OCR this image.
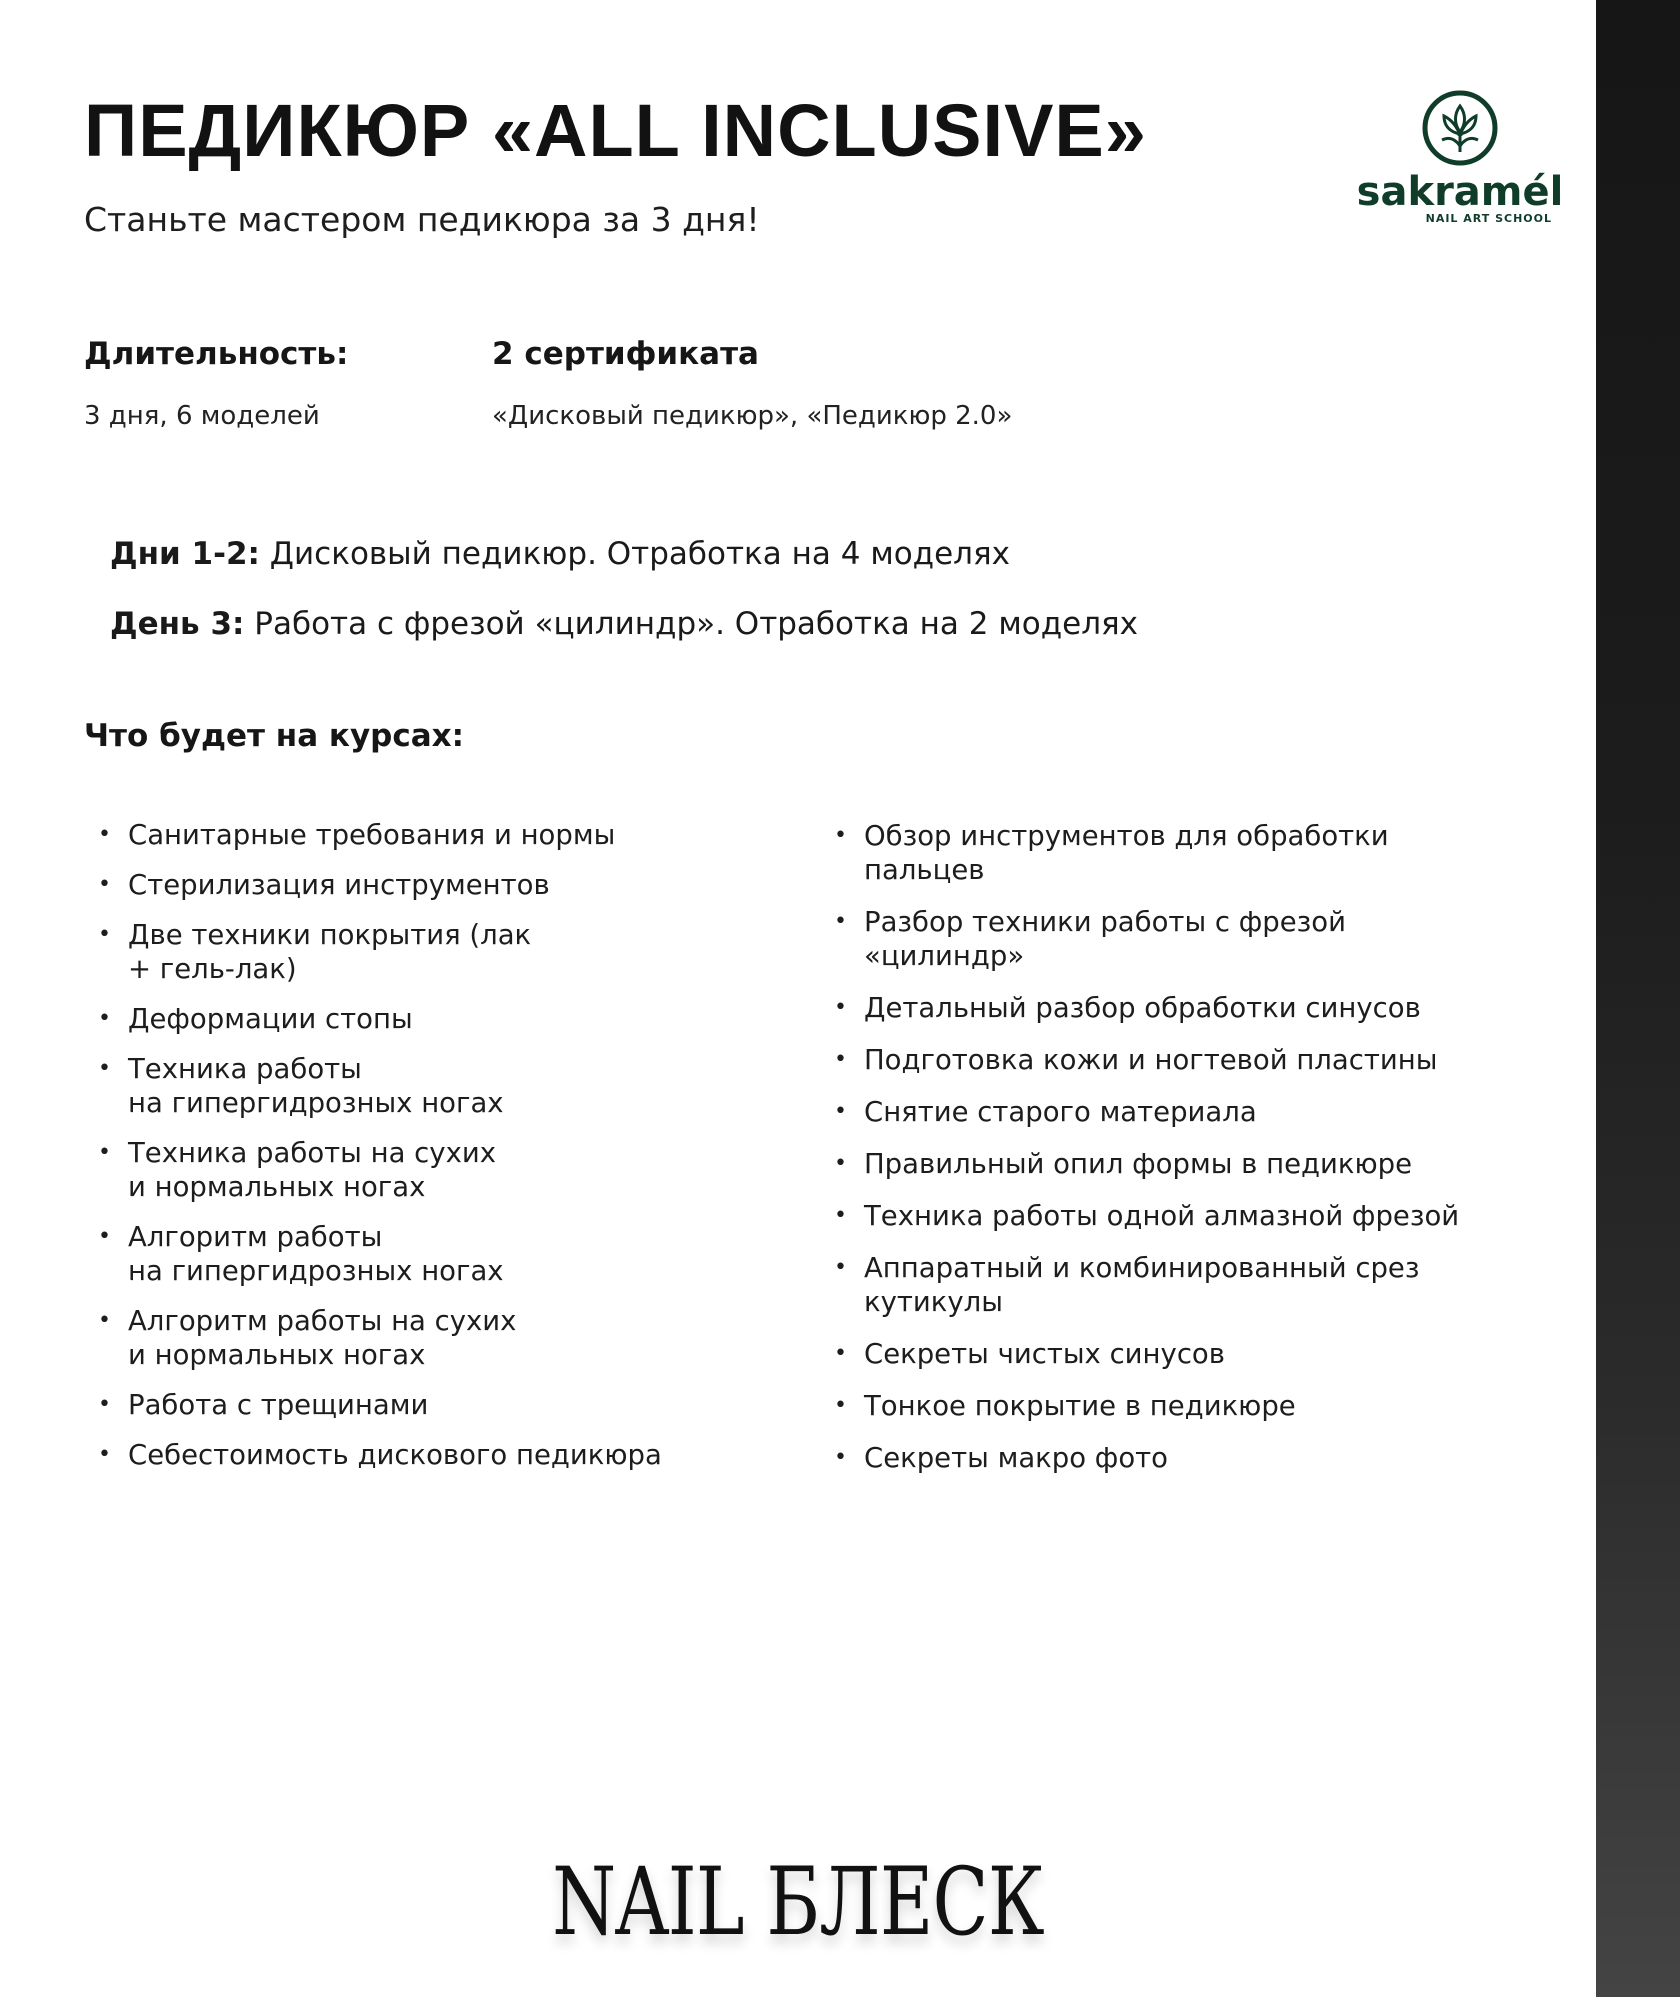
ПЕДИКЮР «ALL INCLUSIVE»
Станьте мастером педикюра за 3 дня!
sakramél
NAIL ART SCHOOL
Длительность:
3 дня, 6 моделей
2 сертификата
«Дисковый педикюр», «Педикюр 2.0»
Дни 1-2: Дисковый педикюр. Отработка на 4 моделях
День 3: Работа с фрезой «цилиндр». Отработка на 2 моделях
Что будет на курсах:
• Санитарные требования и нормы
• Стерилизация инструментов
• Две техники покрытия (лак
+ гель-лак)
• Деформации стопы
• Техника работы
на гипергидрозных ногах
• Техника работы на сухих
и нормальных ногах
• Алгоритм работы
на гипергидрозных ногах
• Алгоритм работы на сухих
и нормальных ногах
• Работа с трещинами
• Себестоимость дискового педикюра
• Обзор инструментов для обработки
пальцев
• Разбор техники работы с фрезой
«цилиндр»
• Детальный разбор обработки синусов
• Подготовка кожи и ногтевой пластины
• Снятие старого материала
• Правильный опил формы в педикюре
• Техника работы одной алмазной фрезой
• Аппаратный и комбинированный срез
кутикулы
• Секреты чистых синусов
• Тонкое покрытие в педикюре
• Секреты макро фото
NAIL БЛЕСК
